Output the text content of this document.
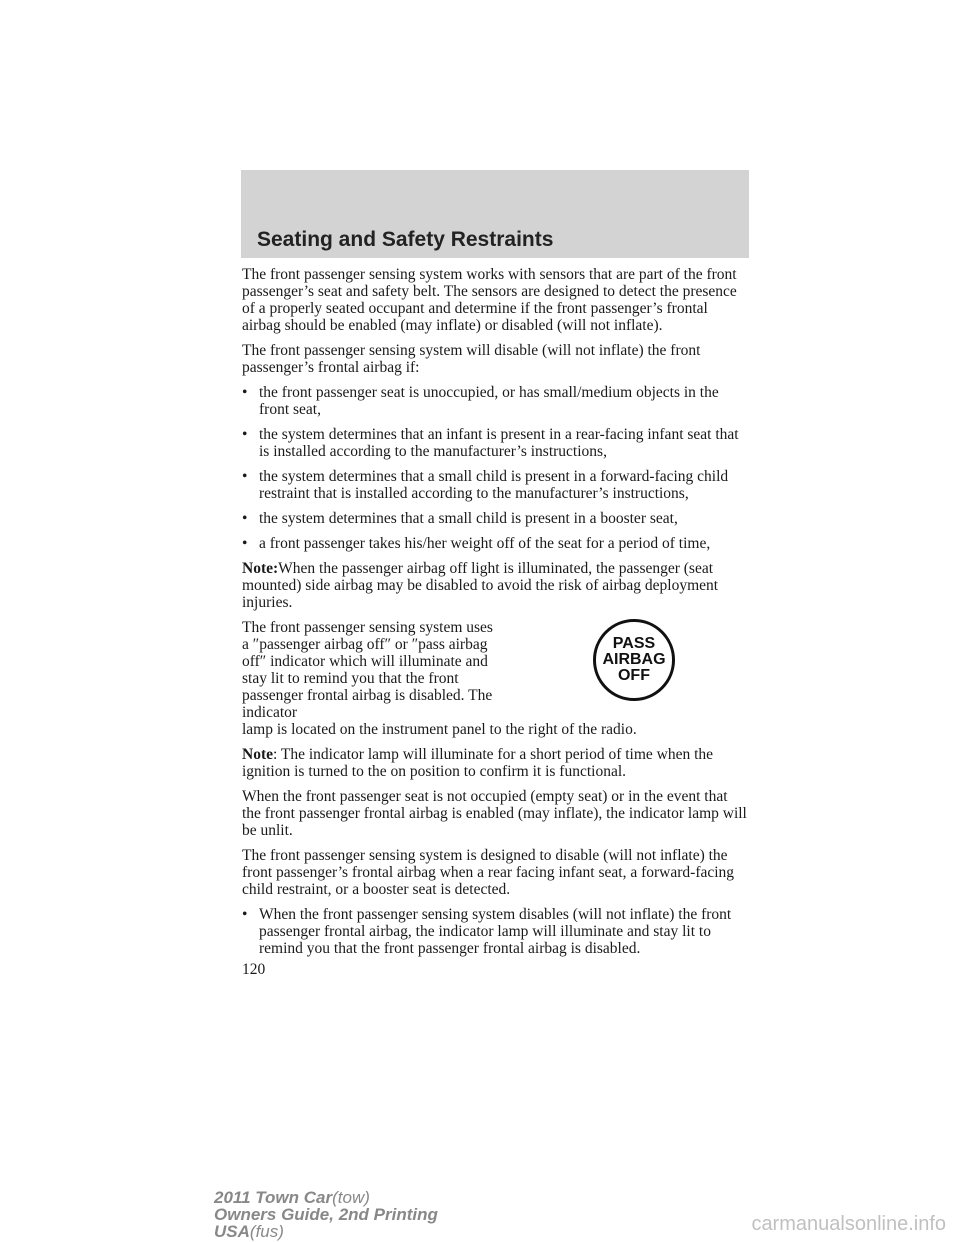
Seating and Safety Restraints

The front passenger sensing system works with sensors that are part of the front passenger’s seat and safety belt. The sensors are designed to detect the presence of a properly seated occupant and determine if the front passenger’s frontal airbag should be enabled (may inflate) or disabled (will not inflate).

The front passenger sensing system will disable (will not inflate) the front passenger’s frontal airbag if:

• the front passenger seat is unoccupied, or has small/medium objects in the front seat,
• the system determines that an infant is present in a rear-facing infant seat that is installed according to the manufacturer’s instructions,
• the system determines that a small child is present in a forward-facing child restraint that is installed according to the manufacturer’s instructions,
• the system determines that a small child is present in a booster seat,
• a front passenger takes his/her weight off of the seat for a period of time,

Note:When the passenger airbag off light is illuminated, the passenger (seat mounted) side airbag may be disabled to avoid the risk of airbag deployment injuries.

The front passenger sensing system uses a ″passenger airbag off″ or ″pass airbag off″ indicator which will illuminate and stay lit to remind you that the front passenger frontal airbag is disabled. The indicator
lamp is located on the instrument panel to the right of the radio.
PASS
AIRBAG
OFF

Note: The indicator lamp will illuminate for a short period of time when the ignition is turned to the on position to confirm it is functional.

When the front passenger seat is not occupied (empty seat) or in the event that the front passenger frontal airbag is enabled (may inflate), the indicator lamp will be unlit.

The front passenger sensing system is designed to disable (will not inflate) the front passenger’s frontal airbag when a rear facing infant seat, a forward-facing child restraint, or a booster seat is detected.

• When the front passenger sensing system disables (will not inflate) the front passenger frontal airbag, the indicator lamp will illuminate and stay lit to remind you that the front passenger frontal airbag is disabled.
120
2011 Town Car(tow)
Owners Guide, 2nd Printing
USA(fus)	carmanualsonline.info
